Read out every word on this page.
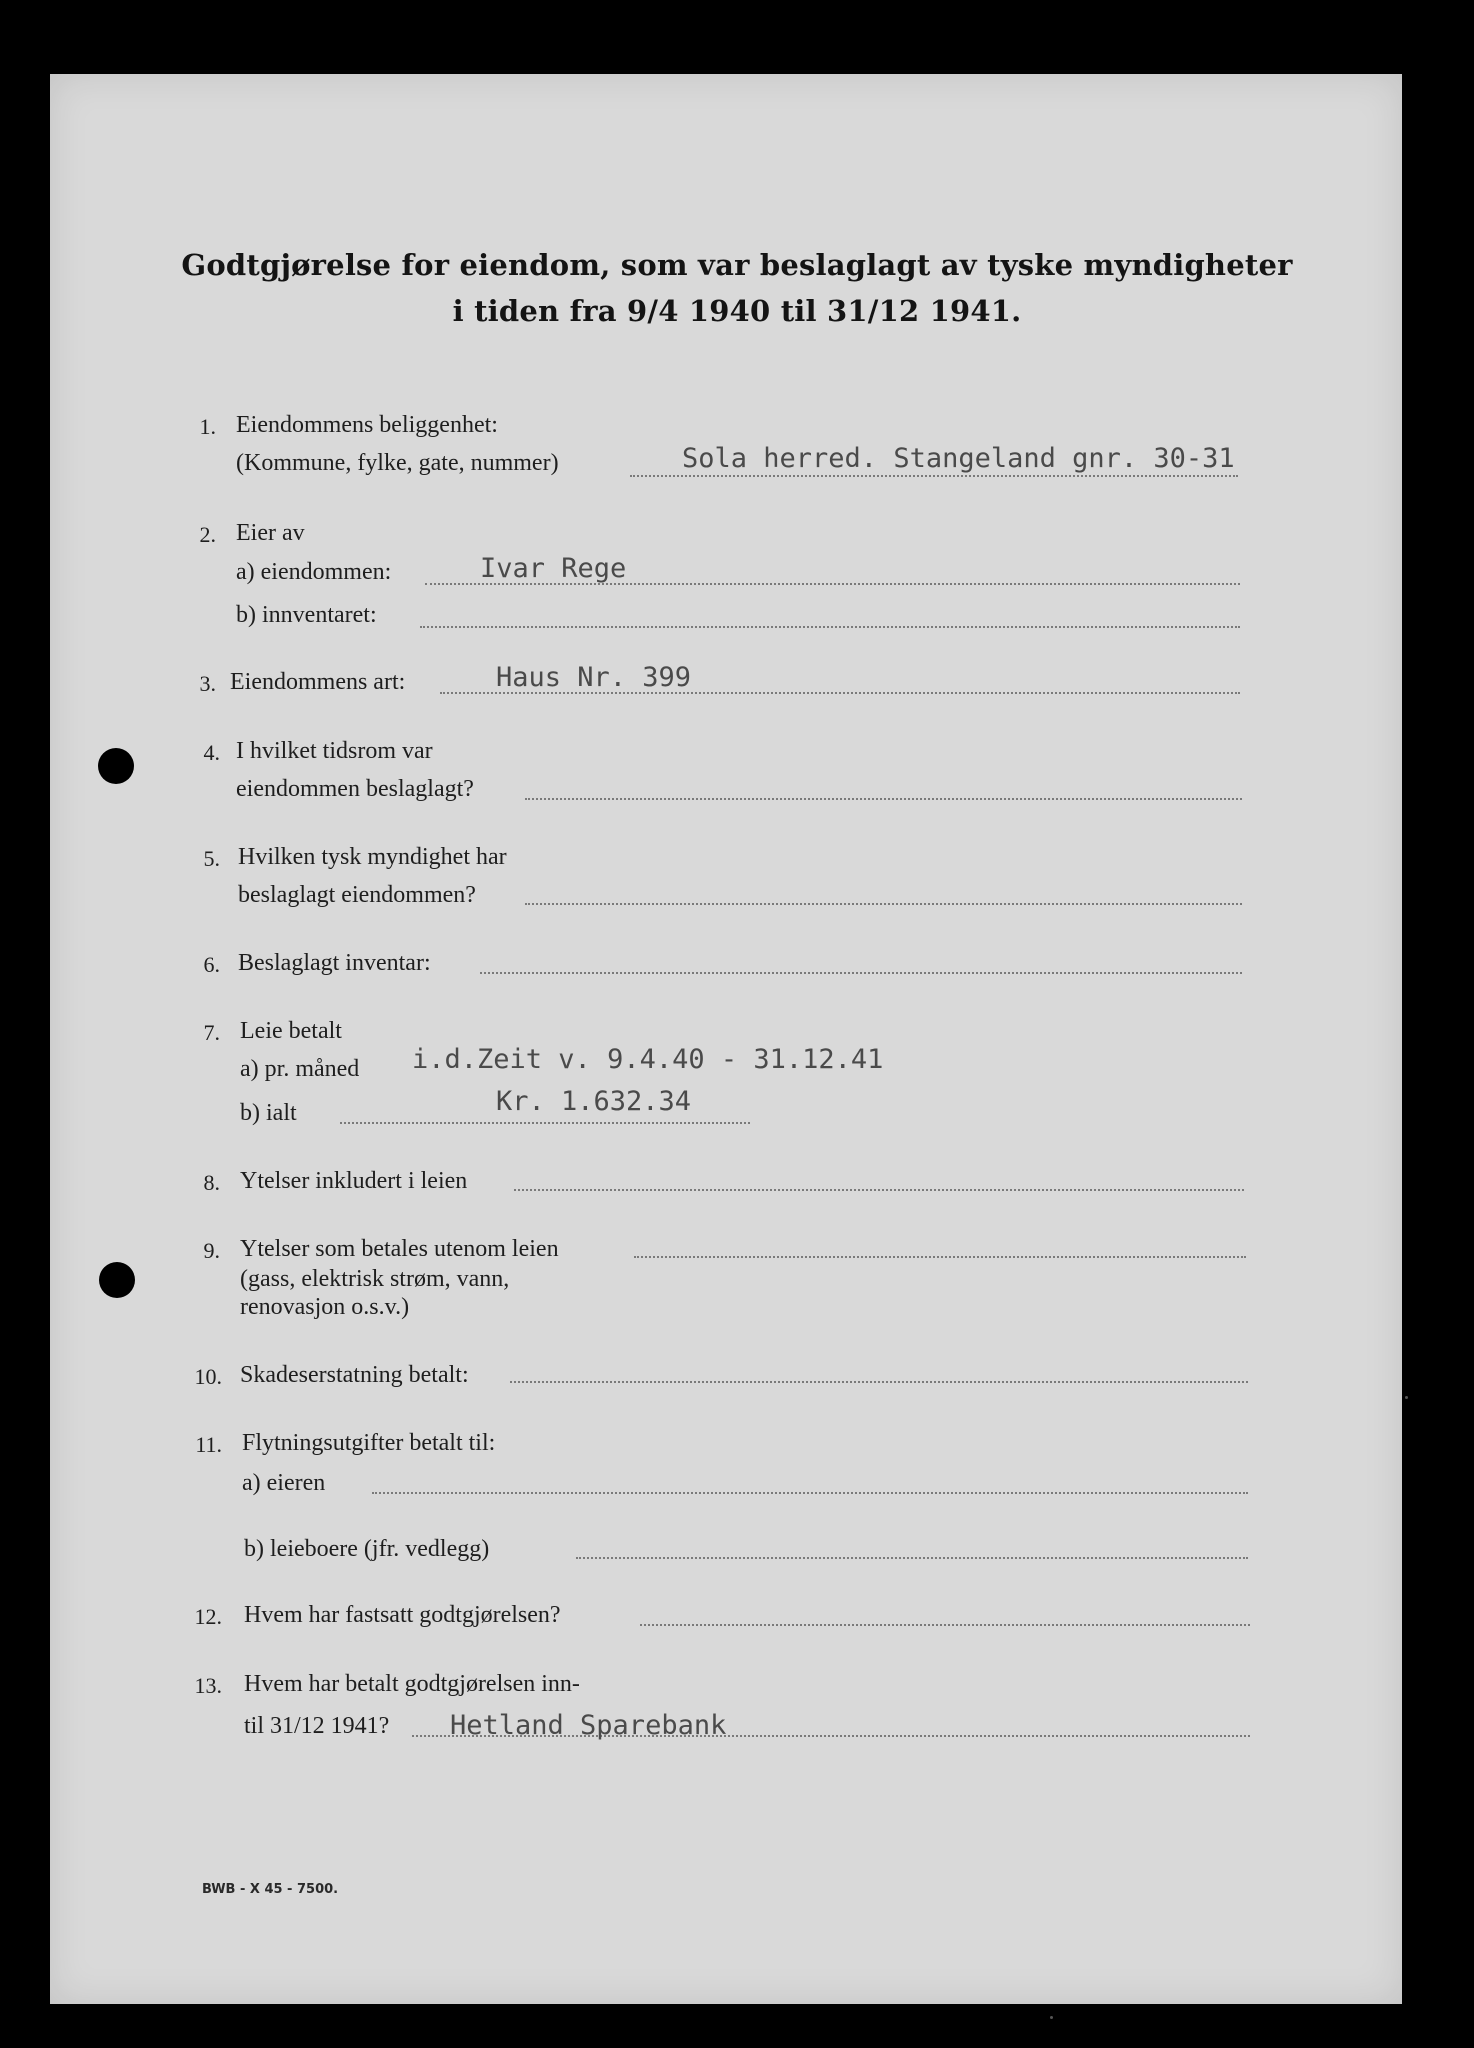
Godtgjørelse for eiendom, som var beslaglagt av tyske myndigheter
i tiden fra 9/4 1940 til 31/12 1941.
1. Eiendommens beliggenhet:
(Kommune, fylke, gate, nummer)	Sola herred. Stangeland gnr. 30-31
2. Eier av
a) eiendommen:	Ivar Rege
b) innventaret:
3. Eiendommens art:	Haus Nr. 399
4. I hvilket tidsrom var
eiendommen beslaglagt?
5. Hvilken tysk myndighet har
beslaglagt eiendommen?
6. Beslaglagt inventar:
7. Leie betalt
a) pr. måned i.d.Zeit v. 9.4.40 - 31.12.41
b) ialt	Kr. 1.632.34
8. Ytelser inkludert i leien
9. Ytelser som betales utenom leien
(gass, elektrisk strøm, vann,
renovasjon o.s.v.)
10. Skadeserstatning betalt:
11. Flytningsutgifter betalt til:
a) eieren
b) leieboere (jfr. vedlegg)
12. Hvem har fastsatt godtgjørelsen?
13. Hvem har betalt godtgjørelsen inn-
til 31/12 1941? Hetland Sparebank
BWB - X 45 - 7500.
